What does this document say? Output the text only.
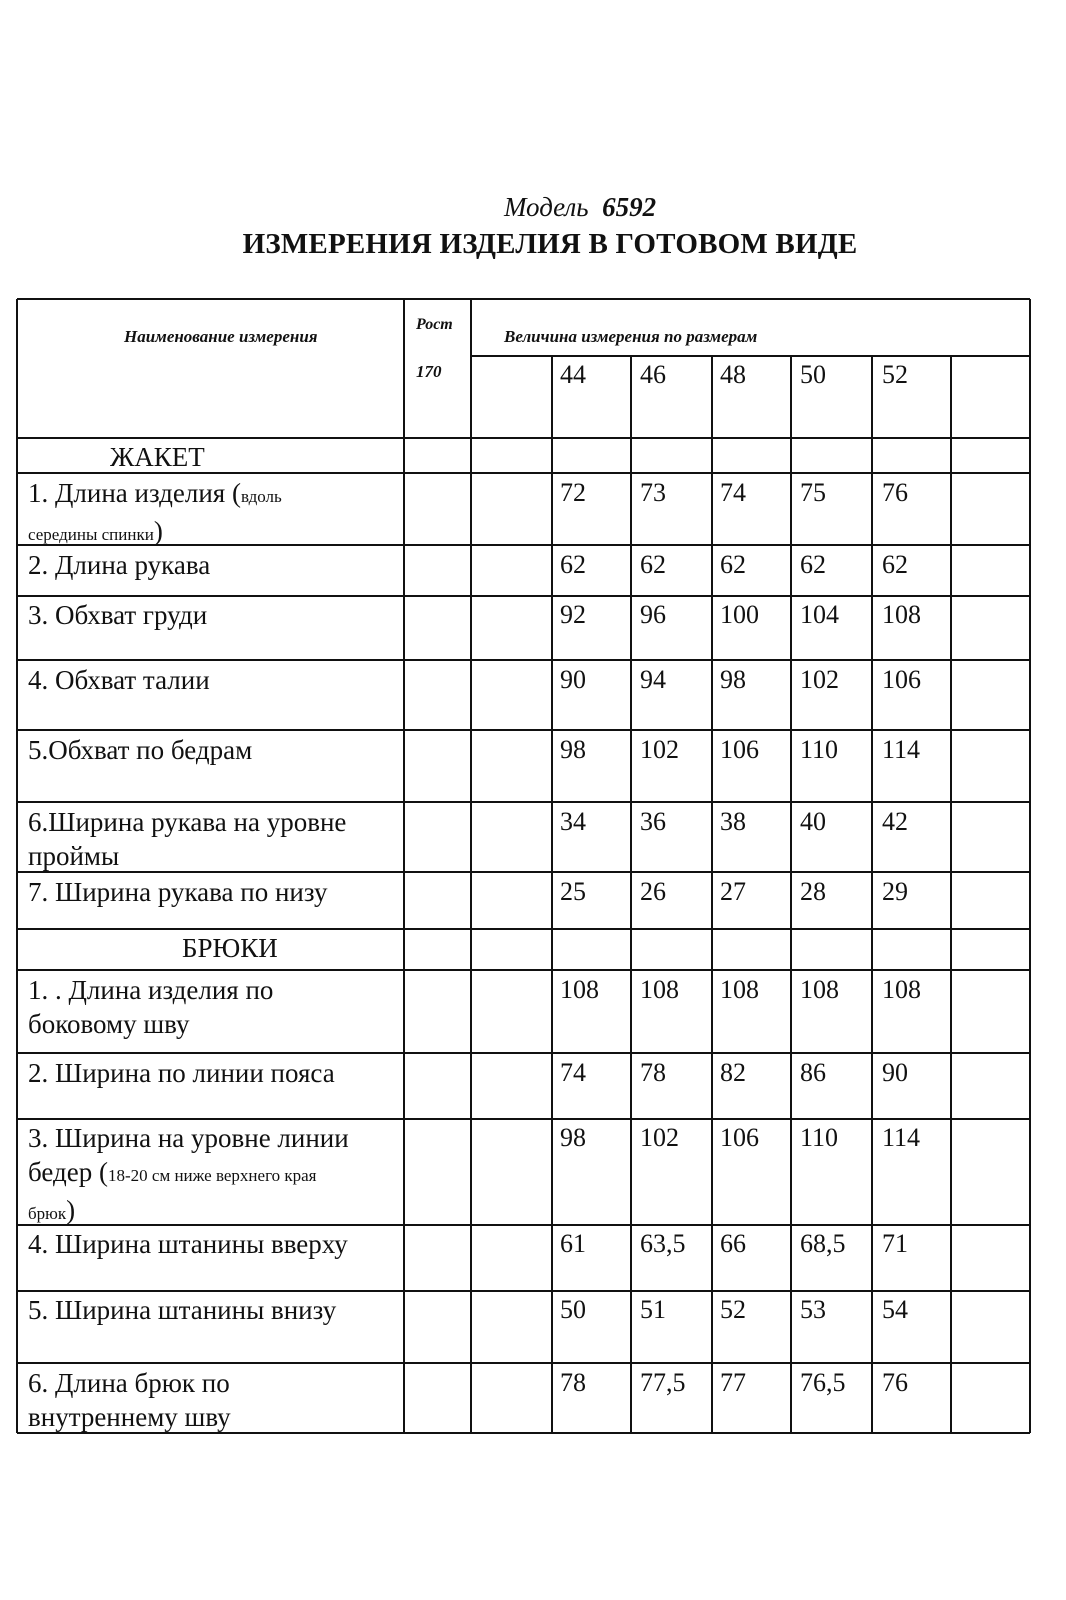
Модель 6592
ИЗМЕРЕНИЯ ИЗДЕЛИЯ В ГОТОВОМ ВИДЕ
Наименование измерения
Рост
170
Величина измерения по размерам
44 46 48 50 52
ЖАКЕТ
1. Длина изделия (вдоль
середины спинки)
2. Длина рукава
3. Обхват груди
4. Обхват талии
5.Обхват по бедрам
6.Ширина рукава на уровне
проймы
7. Ширина рукава по низу
БРЮКИ
1. . Длина изделия по
боковому шву
2. Ширина по линии пояса
3. Ширина на уровне линии
бедер (18-20 см ниже верхнего края
брюк)
4. Ширина штанины вверху
5. Ширина штанины внизу
6. Длина брюк по
внутреннему шву
72 73 74 75 76
62 62 62 62 62
92 96 100 104 108
90 94 98 102 106
98 102 106 110 114
34 36 38 40 42
25 26 27 28 29
108 108 108 108 108
74 78 82 86 90
98 102 106 110 114
61 63,5 66 68,5 71
50 51 52 53 54
78 77,5 77 76,5 76
